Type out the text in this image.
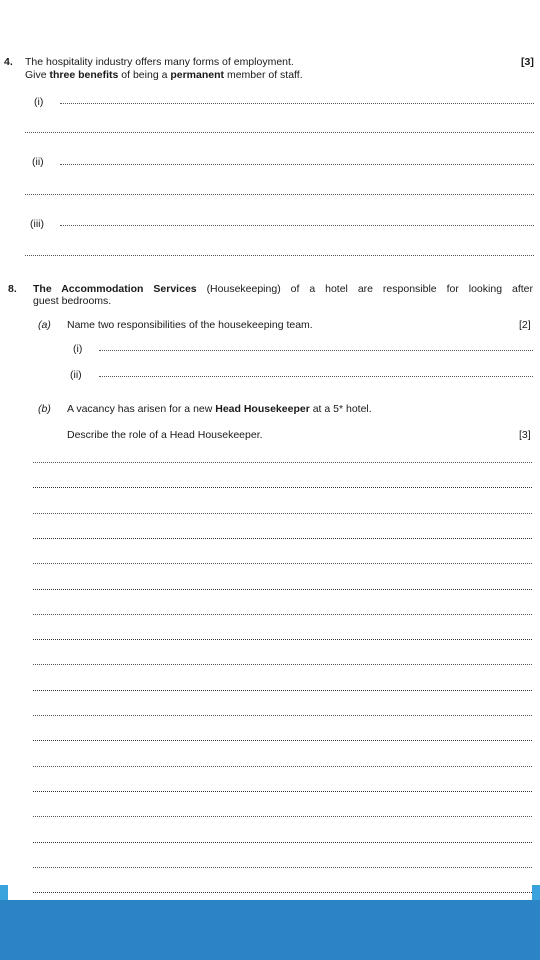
4. The hospitality industry offers many forms of employment.
Give three benefits of being a permanent member of staff.
[3]
(i)
(ii)
(iii)
8. The Accommodation Services (Housekeeping) of a hotel are responsible for looking after
guest bedrooms.
(a) Name two responsibilities of the housekeeping team.	[2]
(i)
(ii)
(b) A vacancy has arisen for a new Head Housekeeper at a 5* hotel.
Describe the role of a Head Housekeeper.	[3]
